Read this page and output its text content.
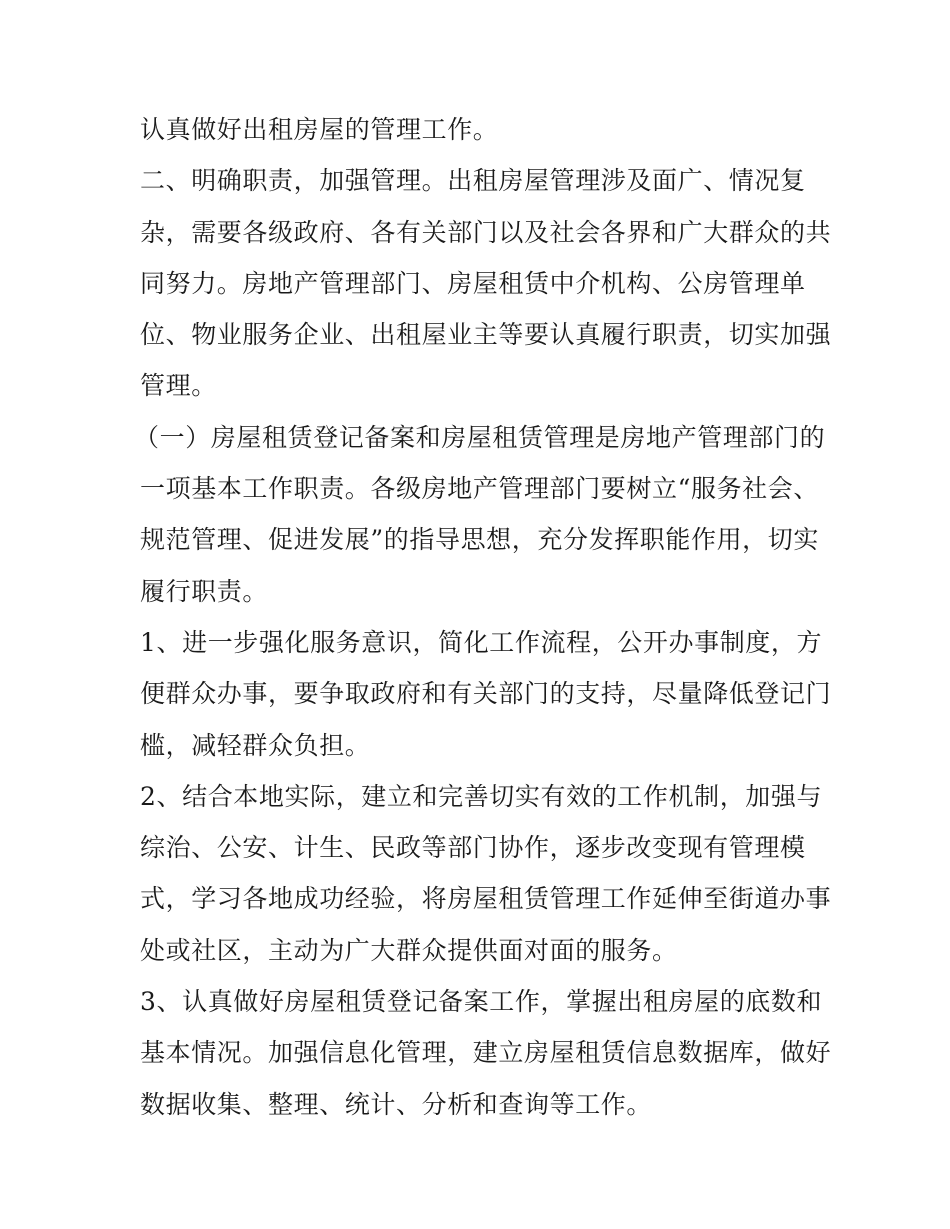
认真做好出租房屋的管理工作。
二、明确职责，加强管理。出租房屋管理涉及面广、情况复
杂，需要各级政府、各有关部门以及社会各界和广大群众的共
同努力。房地产管理部门、房屋租赁中介机构、公房管理单
位、物业服务企业、出租屋业主等要认真履行职责，切实加强
管理。
（一）房屋租赁登记备案和房屋租赁管理是房地产管理部门的
一项基本工作职责。各级房地产管理部门要树立“服务社会、
规范管理、促进发展”的指导思想，充分发挥职能作用，切实
履行职责。
1、进一步强化服务意识，简化工作流程，公开办事制度，方
便群众办事，要争取政府和有关部门的支持，尽量降低登记门
槛，减轻群众负担。
2、结合本地实际，建立和完善切实有效的工作机制，加强与
综治、公安、计生、民政等部门协作，逐步改变现有管理模
式，学习各地成功经验，将房屋租赁管理工作延伸至街道办事
处或社区，主动为广大群众提供面对面的服务。
3、认真做好房屋租赁登记备案工作，掌握出租房屋的底数和
基本情况。加强信息化管理，建立房屋租赁信息数据库，做好
数据收集、整理、统计、分析和查询等工作。
